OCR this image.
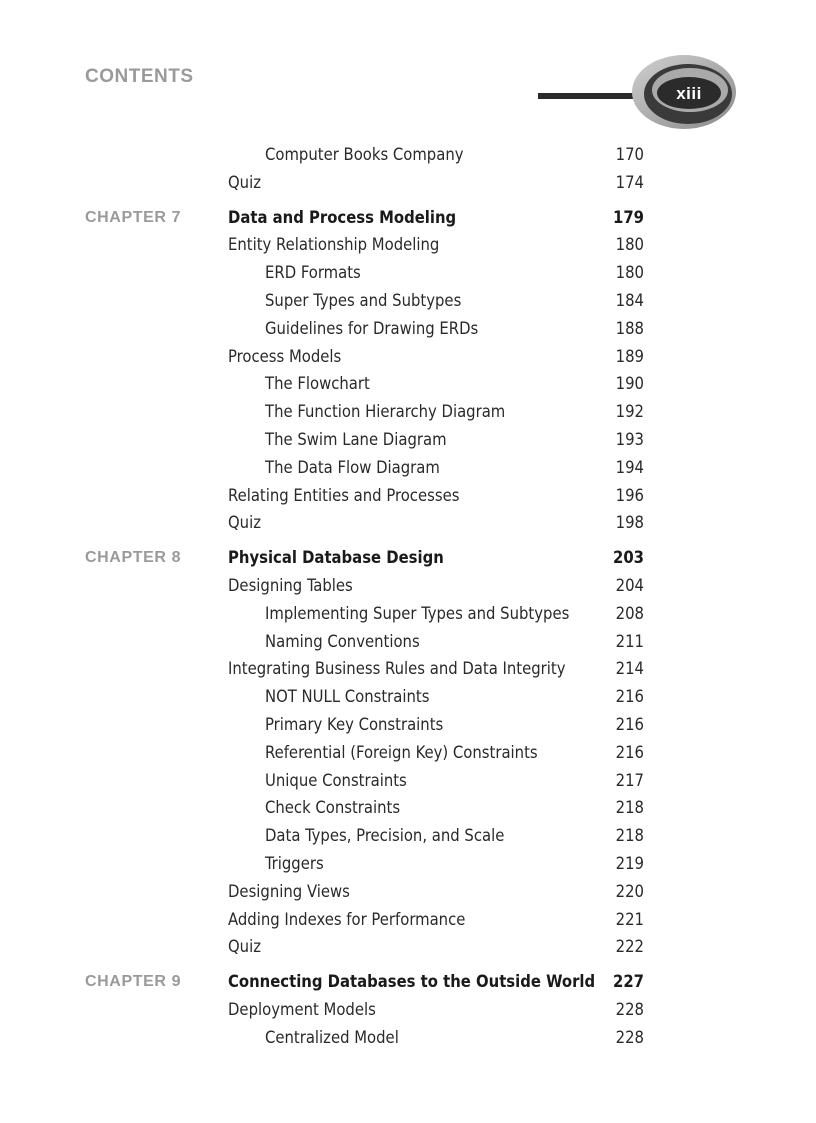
CONTENTS
xiii
Computer Books Company	170
Quiz	174
CHAPTER 7	Data and Process Modeling	179
Entity Relationship Modeling	180
ERD Formats	180
Super Types and Subtypes	184
Guidelines for Drawing ERDs	188
Process Models	189
The Flowchart	190
The Function Hierarchy Diagram	192
The Swim Lane Diagram	193
The Data Flow Diagram	194
Relating Entities and Processes	196
Quiz	198
CHAPTER 8	Physical Database Design	203
Designing Tables	204
Implementing Super Types and Subtypes	208
Naming Conventions	211
Integrating Business Rules and Data Integrity	214
NOT NULL Constraints	216
Primary Key Constraints	216
Referential (Foreign Key) Constraints	216
Unique Constraints	217
Check Constraints	218
Data Types, Precision, and Scale	218
Triggers	219
Designing Views	220
Adding Indexes for Performance	221
Quiz	222
CHAPTER 9	Connecting Databases to the Outside World 227
Deployment Models	228
Centralized Model	228
